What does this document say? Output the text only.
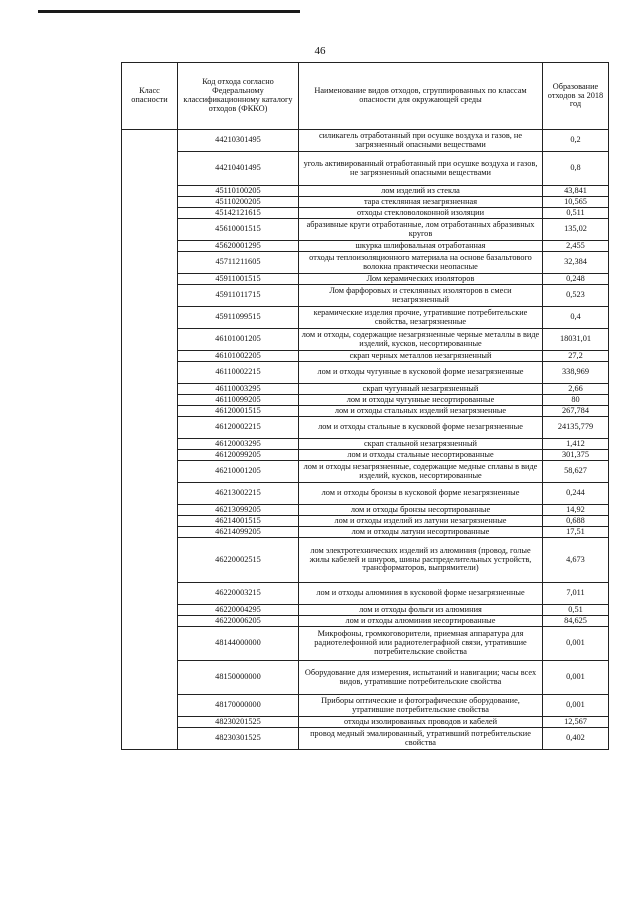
46
Класс опасности	Код отхода согласно Федеральному классификационному каталогу отходов (ФККО)	Наименование видов отходов, сгруппированных по классам опасности для окружающей среды	Образование отходов за 2018 год
	44210301495	силикагель отработанный при осушке воздуха и газов, не загрязненный опасными веществами	0,2
	44210401495	уголь активированный отработанный при осушке воздуха и газов, не загрязненный опасными веществами	0,8
	45110100205	лом изделий из стекла	43,841
	45110200205	тара стеклянная незагрязненная	10,565
	45142121615	отходы стекловолоконной изоляции	0,511
	45610001515	абразивные круги отработанные, лом отработанных абразивных кругов	135,02
	45620001295	шкурка шлифовальная отработанная	2,455
	45711211605	отходы теплоизоляционного материала на основе базальтового волокна практически неопасные	32,384
	45911001515	Лом керамических изоляторов	0,248
	45911011715	Лом фарфоровых и стеклянных изоляторов в смеси незагрязненный	0,523
	45911099515	керамические изделия прочие, утратившие потребительские свойства, незагрязненные	0,4
	46101001205	лом и отходы, содержащие незагрязненные черные металлы в виде изделий, кусков, несортированные	18031,01
	46101002205	скрап черных металлов незагрязненный	27,2
	46110002215	лом и отходы чугунные в кусковой форме незагрязненные	338,969
	46110003295	скрап чугунный незагрязненный	2,66
	46110099205	лом и отходы чугунные несортированные	80
	46120001515	лом и отходы стальных изделий незагрязненные	267,784
	46120002215	лом и отходы стальные в кусковой форме незагрязненные	24135,779
	46120003295	скрап стальной незагрязненный	1,412
	46120099205	лом и отходы стальные несортированные	301,375
	46210001205	лом и отходы незагрязненные, содержащие медные сплавы в виде изделий, кусков, несортированные	58,627
	46213002215	лом и отходы бронзы в кусковой форме незагрязненные	0,244
	46213099205	лом и отходы бронзы несортированные	14,92
	46214001515	лом и отходы изделий из латуни незагрязненные	0,688
	46214099205	лом и отходы латуни несортированные	17,51
	46220002515	лом электротехнических изделий из алюминия (провод, голые жилы кабелей и шнуров, шины распределительных устройств, трансформаторов, выпрямители)	4,673
	46220003215	лом и отходы алюминия в кусковой форме незагрязненные	7,011
	46220004295	лом и отходы фольги из алюминия	0,51
	46220006205	лом и отходы алюминия несортированные	84,625
	48144000000	Микрофоны, громкоговорители, приемная аппаратура для радиотелефонной или радиотелеграфной связи, утратившие потребительские свойства	0,001
	48150000000	Оборудование для измерения, испытаний и навигации; часы всех видов, утратившие потребительские свойства	0,001
	48170000000	Приборы оптические и фотографические оборудование, утратившие потребительские свойства	0,001
	48230201525	отходы изолированных проводов и кабелей	12,567
	48230301525	провод медный эмалированный, утративший потребительские свойства	0,402
